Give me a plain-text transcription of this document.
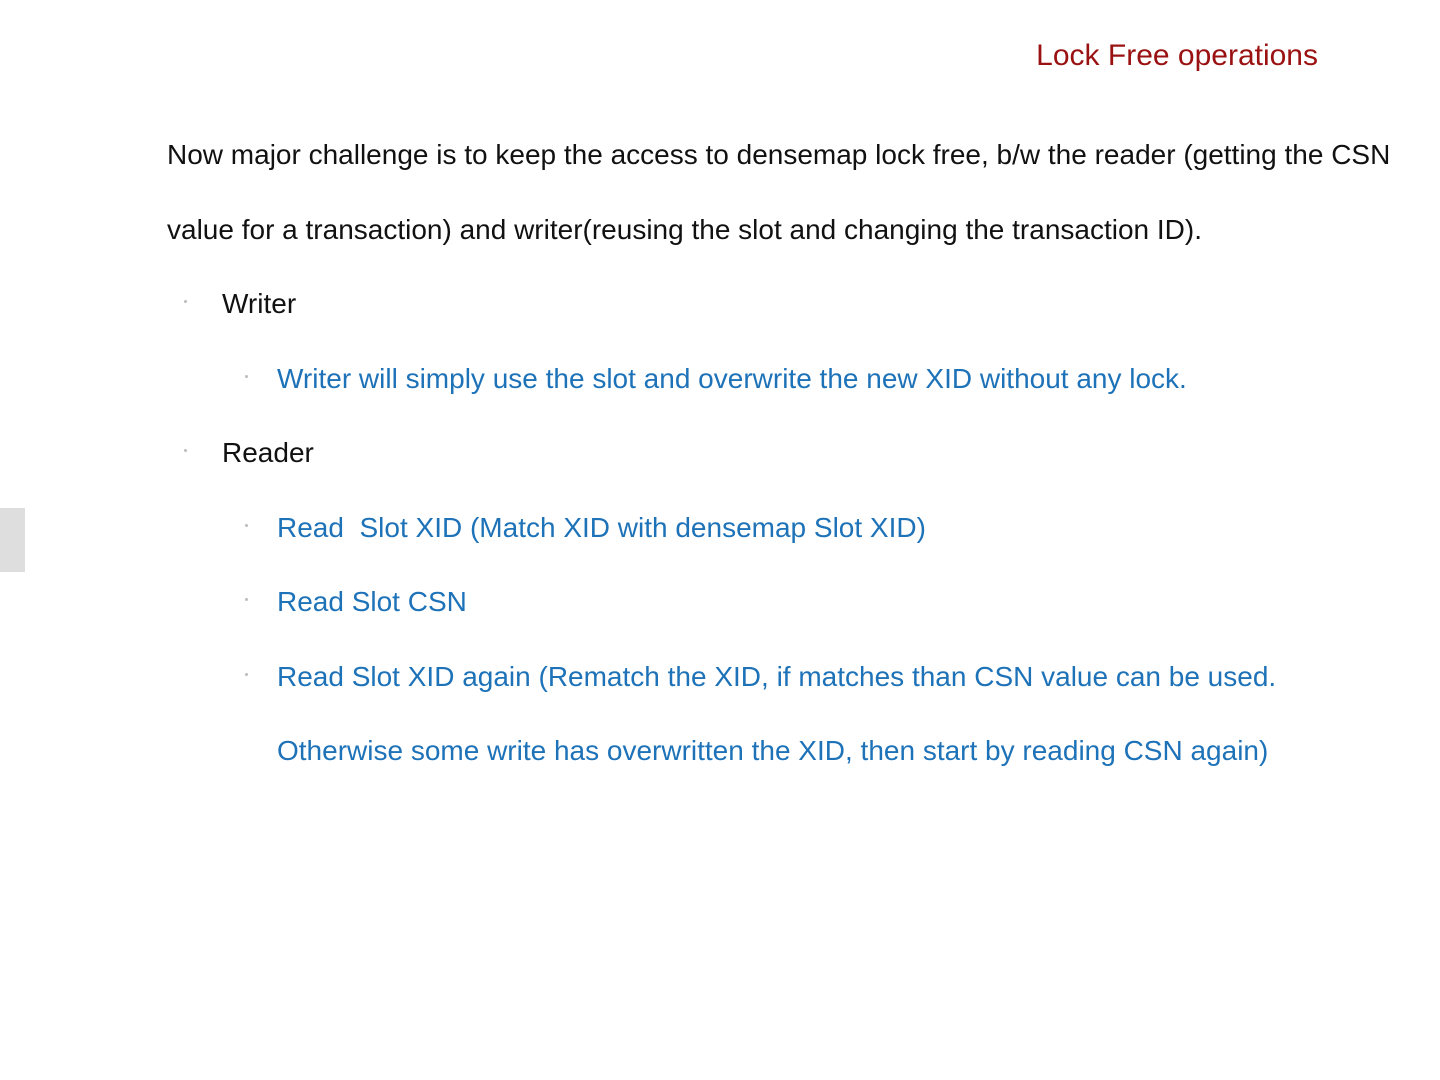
Lock Free operations

Now major challenge is to keep the access to densemap lock free, b/w the reader (getting the CSN value for a transaction) and writer(reusing the slot and changing the transaction ID).

Writer
Writer will simply use the slot and overwrite the new XID without any lock.
Reader
Read  Slot XID (Match XID with densemap Slot XID)
Read Slot CSN
Read Slot XID again (Rematch the XID, if matches than CSN value can be used. Otherwise some write has overwritten the XID, then start by reading CSN again)
